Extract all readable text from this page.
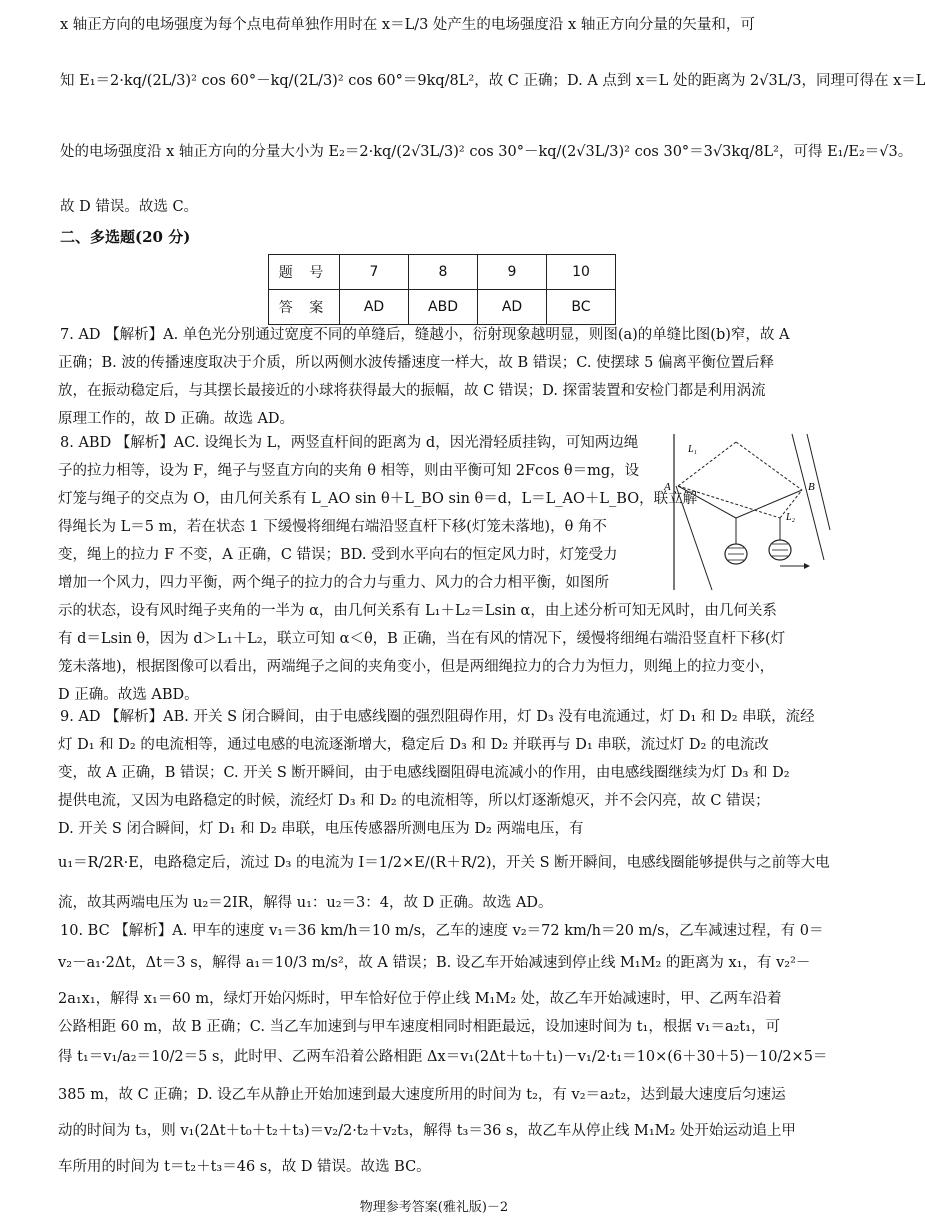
x 轴正方向的电场强度为每个点电荷单独作用时在 x＝L/3 处产生的电场强度沿 x 轴正方向分量的矢量和，可
知 E₁＝2·kq/(2L/3)² cos 60°－kq/(2L/3)² cos 60°＝9kq/8L²，故 C 正确；D. A 点到 x＝L 处的距离为 2√3L/3，同理可得在 x＝L
处的电场强度沿 x 轴正方向的分量大小为 E₂＝2·kq/(2√3L/3)² cos 30°－kq/(2√3L/3)² cos 30°＝3√3kq/8L²，可得 E₁/E₂＝√3。
故 D 错误。故选 C。
二、多选题(20 分)
题 号	7	8	9	10
答 案	AD	ABD	AD	BC
7. AD 【解析】A. 单色光分别通过宽度不同的单缝后，缝越小，衍射现象越明显，则图(a)的单缝比图(b)窄，故 A
正确；B. 波的传播速度取决于介质，所以两侧水波传播速度一样大，故 B 错误；C. 使摆球 5 偏离平衡位置后释
放，在振动稳定后，与其摆长最接近的小球将获得最大的振幅，故 C 错误；D. 探雷装置和安检门都是利用涡流
原理工作的，故 D 正确。故选 AD。
8. ABD 【解析】AC. 设绳长为 L，两竖直杆间的距离为 d，因光滑轻质挂钩，可知两边绳
子的拉力相等，设为 F，绳子与竖直方向的夹角 θ 相等，则由平衡可知 2Fcos θ＝mg，设
灯笼与绳子的交点为 O，由几何关系有 L_AO sin θ＋L_BO sin θ＝d，L＝L_AO＋L_BO，联立解
得绳长为 L＝5 m，若在状态 1 下缓慢将细绳右端沿竖直杆下移(灯笼未落地)，θ 角不
变，绳上的拉力 F 不变，A 正确，C 错误；BD. 受到水平向右的恒定风力时，灯笼受力
增加一个风力，四力平衡，两个绳子的拉力的合力与重力、风力的合力相平衡，如图所
示的状态，设有风时绳子夹角的一半为 α，由几何关系有 L₁＋L₂＝Lsin α，由上述分析可知无风时，由几何关系
有 d＝Lsin θ，因为 d＞L₁＋L₂，联立可知 α＜θ，B 正确，当在有风的情况下，缓慢将细绳右端沿竖直杆下移(灯
笼未落地)，根据图像可以看出，两端绳子之间的夹角变小，但是两细绳拉力的合力为恒力，则绳上的拉力变小，
D 正确。故选 ABD。
A	B
L₁
L₂
9. AD 【解析】AB. 开关 S 闭合瞬间，由于电感线圈的强烈阻碍作用，灯 D₃ 没有电流通过，灯 D₁ 和 D₂ 串联，流经
灯 D₁ 和 D₂ 的电流相等，通过电感的电流逐渐增大，稳定后 D₃ 和 D₂ 并联再与 D₁ 串联，流过灯 D₂ 的电流改
变，故 A 正确，B 错误；C. 开关 S 断开瞬间，由于电感线圈阻碍电流减小的作用，由电感线圈继续为灯 D₃ 和 D₂
提供电流，又因为电路稳定的时候，流经灯 D₃ 和 D₂ 的电流相等，所以灯逐渐熄灭，并不会闪亮，故 C 错误；
D. 开关 S 闭合瞬间，灯 D₁ 和 D₂ 串联，电压传感器所测电压为 D₂ 两端电压，有
u₁＝R/2R·E，电路稳定后，流过 D₃ 的电流为 I＝1/2×E/(R＋R/2)，开关 S 断开瞬间，电感线圈能够提供与之前等大电
流，故其两端电压为 u₂＝2IR，解得 u₁：u₂＝3：4，故 D 正确。故选 AD。
10. BC 【解析】A. 甲车的速度 v₁＝36 km/h＝10 m/s，乙车的速度 v₂＝72 km/h＝20 m/s，乙车减速过程，有 0＝
v₂－a₁·2Δt，Δt＝3 s，解得 a₁＝10/3 m/s²，故 A 错误；B. 设乙车开始减速到停止线 M₁M₂ 的距离为 x₁，有 v₂²－
2a₁x₁，解得 x₁＝60 m，绿灯开始闪烁时，甲车恰好位于停止线 M₁M₂ 处，故乙车开始减速时，甲、乙两车沿着
公路相距 60 m，故 B 正确；C. 当乙车加速到与甲车速度相同时相距最远，设加速时间为 t₁，根据 v₁＝a₂t₁，可
得 t₁＝v₁/a₂＝10/2＝5 s，此时甲、乙两车沿着公路相距 Δx＝v₁(2Δt＋t₀＋t₁)－v₁/2·t₁＝10×(6＋30＋5)－10/2×5＝
385 m，故 C 正确；D. 设乙车从静止开始加速到最大速度所用的时间为 t₂，有 v₂＝a₂t₂，达到最大速度后匀速运
动的时间为 t₃，则 v₁(2Δt＋t₀＋t₂＋t₃)＝v₂/2·t₂＋v₂t₃，解得 t₃＝36 s，故乙车从停止线 M₁M₂ 处开始运动追上甲
车所用的时间为 t＝t₂＋t₃＝46 s，故 D 错误。故选 BC。
物理参考答案(雅礼版)－2
